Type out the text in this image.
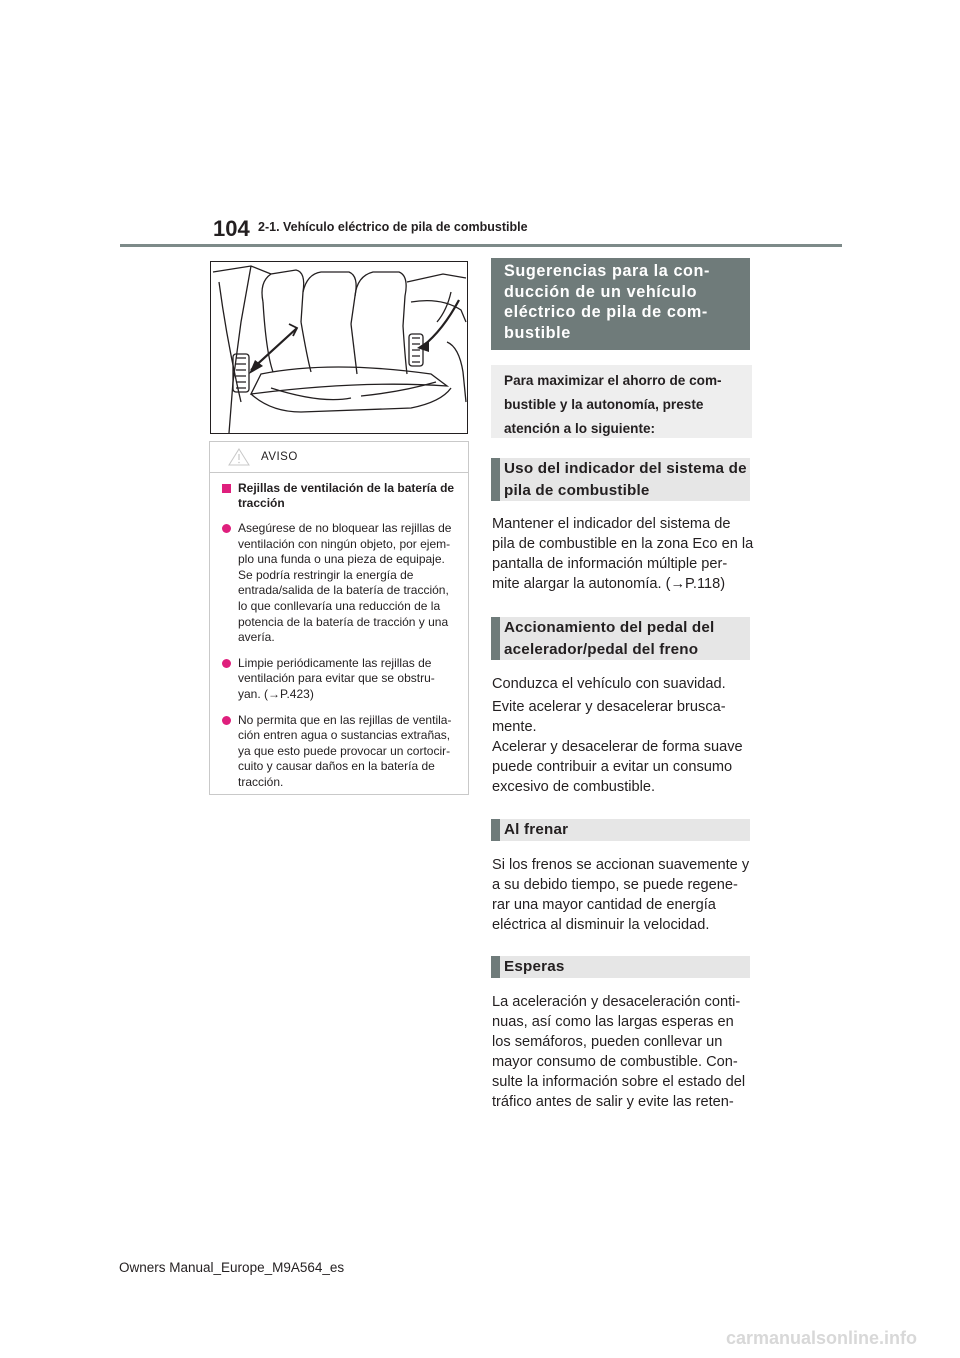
104 2-1. Vehículo eléctrico de pila de combustible
AVISO
Rejillas de ventilación de la batería de tracción
Asegúrese de no bloquear las rejillas de ventilación con ningún objeto, por ejem-plo una funda o una pieza de equipaje. Se podría restringir la energía de entrada/salida de la batería de tracción, lo que conllevaría una reducción de la potencia de la batería de tracción y una avería.
Limpie periódicamente las rejillas de ventilación para evitar que se obstru-yan. (→P.423)
No permita que en las rejillas de ventila-ción entren agua o sustancias extrañas, ya que esto puede provocar un cortocir-cuito y causar daños en la batería de tracción.
Sugerencias para la con-ducción de un vehículo eléctrico de pila de com-bustible
Para maximizar el ahorro de com-bustible y la autonomía, preste atención a lo siguiente:
Uso del indicador del sistema de pila de combustible
Mantener el indicador del sistema de pila de combustible en la zona Eco en la pantalla de información múltiple per-mite alargar la autonomía. (→P.118)
Accionamiento del pedal del acelerador/pedal del freno
Conduzca el vehículo con suavidad.
Evite acelerar y desacelerar brusca-mente.
Acelerar y desacelerar de forma suave puede contribuir a evitar un consumo excesivo de combustible.
Al frenar
Si los frenos se accionan suavemente y a su debido tiempo, se puede regene-rar una mayor cantidad de energía eléctrica al disminuir la velocidad.
Esperas
La aceleración y desaceleración conti-nuas, así como las largas esperas en los semáforos, pueden conllevar un mayor consumo de combustible. Con-sulte la información sobre el estado del tráfico antes de salir y evite las reten-
Owners Manual_Europe_M9A564_es
carmanualsonline.info
